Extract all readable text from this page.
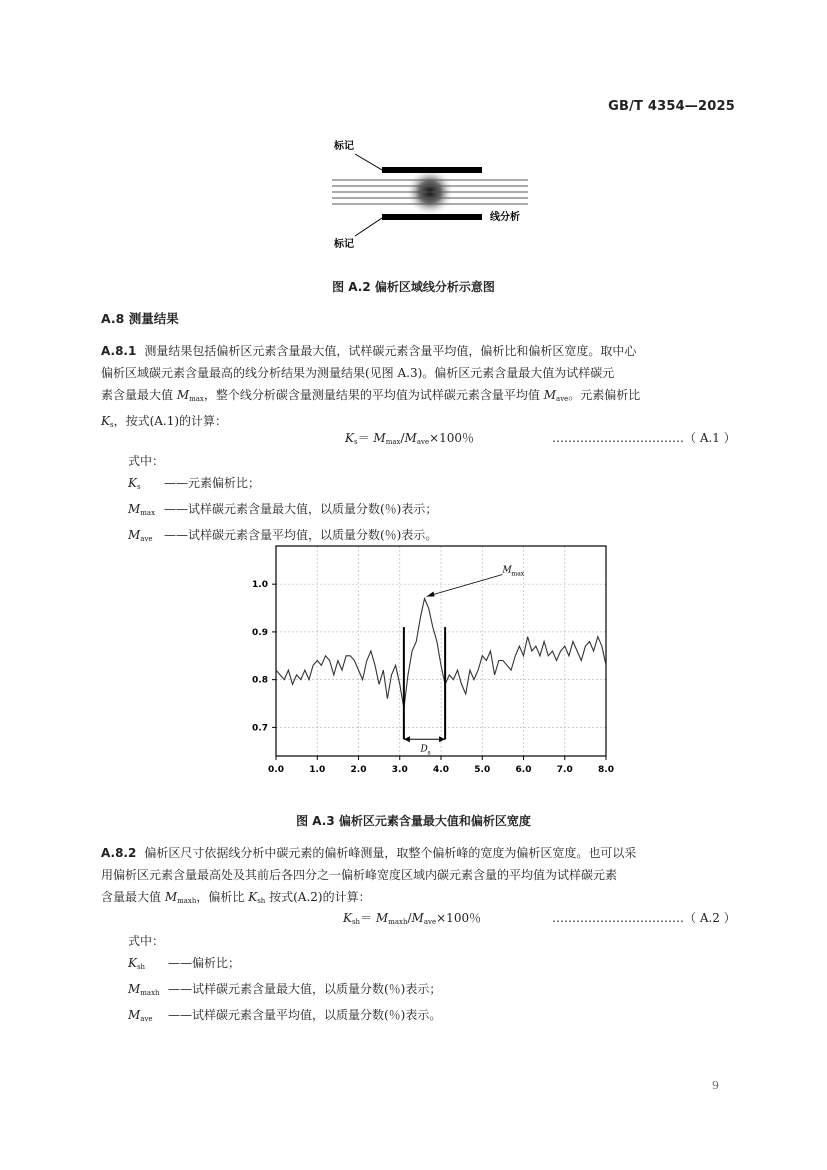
GB/T 4354—2025
标记
标记
线分析
图 A.2 偏析区域线分析示意图
A.8 测量结果
A.8.1 测量结果包括偏析区元素含量最大值，试样碳元素含量平均值，偏析比和偏析区宽度。取中心
偏析区域碳元素含量最高的线分析结果为测量结果(见图 A.3)。偏析区元素含量最大值为试样碳元
素含量最大值 $M_{max}$，整个线分析碳含量测量结果的平均值为试样碳元素含量平均值 $M_{ave}$。元素偏析比
$K_s$，按式(A.1)的计算：
$K_s= M_{max}/M_{ave}\times 100$％	……………………………（ A.1 ）
式中：
$K_s$ ——元素偏析比；
$M_{max}$ ——试样碳元素含量最大值，以质量分数(％)表示；
$M_{ave}$ ——试样碳元素含量平均值，以质量分数(％)表示。
0.0	1.0	2.0	3.0	4.0	5.0	6.0	7.0	8.0
0.7
0.8
0.9
1.0
D s
M max
图 A.3 偏析区元素含量最大值和偏析区宽度
A.8.2 偏析区尺寸依据线分析中碳元素的偏析峰测量，取整个偏析峰的宽度为偏析区宽度。也可以采
用偏析区元素含量最高处及其前后各四分之一偏析峰宽度区域内碳元素含量的平均值为试样碳元素
含量最大值 $M_{maxh}$，偏析比 $K_{sh}$ 按式(A.2)的计算：
$K_{sh}= M_{maxh}/M_{ave}\times 100$％	……………………………（ A.2 ）
式中：
$K_{sh}$ ——偏析比；
$M_{maxh}$ ——试样碳元素含量最大值，以质量分数(％)表示；
$M_{ave}$ ——试样碳元素含量平均值，以质量分数(％)表示。
9
